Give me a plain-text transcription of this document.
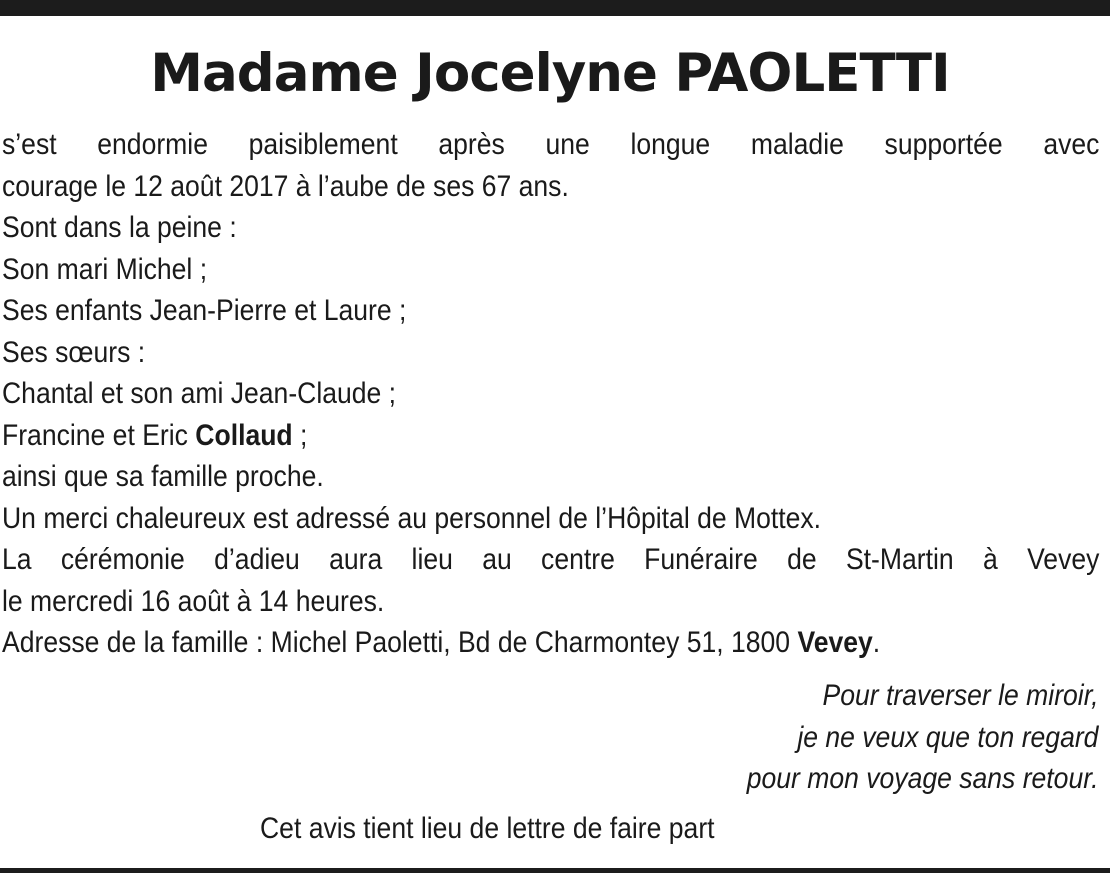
Madame Jocelyne PAOLETTI
s’est endormie paisiblement après une longue maladie supportée avec
courage le 12 août 2017 à l’aube de ses 67 ans.
Sont dans la peine :
Son mari Michel ;
Ses enfants Jean-Pierre et Laure ;
Ses sœurs :
Chantal et son ami Jean-Claude ;
Francine et Eric Collaud ;
ainsi que sa famille proche.
Un merci chaleureux est adressé au personnel de l’Hôpital de Mottex.
La cérémonie d’adieu aura lieu au centre Funéraire de St-Martin à Vevey
le mercredi 16 août à 14 heures.
Adresse de la famille : Michel Paoletti, Bd de Charmontey 51, 1800 Vevey.
Pour traverser le miroir,
je ne veux que ton regard
pour mon voyage sans retour.
Cet avis tient lieu de lettre de faire part
